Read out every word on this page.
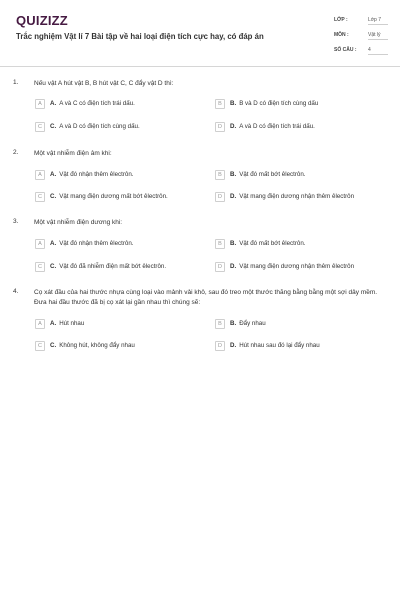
QUIZIZZ
Trắc nghiệm Vật lí 7 Bài tập về hai loại điện tích cực hay, có đáp án
LỚP :	Lớp 7
MÔN :	Vật lý
SỐ CÂU : 4
1. Nếu vật A hút vật B, B hút vật C, C đẩy vật D thì:
A	A. A và C có điện tích trái dấu.	B	B. B và D có điện tích cùng dấu
C	C. A và D có điện tích cùng dấu.	D	D. A và D có điện tích trái dấu.
2. Một vật nhiễm điện âm khi:
A	A. Vật đó nhận thêm êlectrôn.	B	B. Vật đó mất bớt êlectrôn.
C	C. Vật mang điện dương mất bớt êlectrôn.	D	D. Vật mang điện dương nhận thêm êlectrôn
3. Một vật nhiễm điện dương khi:
A	A. Vật đó nhận thêm êlectrôn.	B	B. Vật đó mất bớt êlectrôn.
C	C. Vật đó đã nhiễm điện mất bớt êlectrôn.	D	D. Vật mang điện dương nhận thêm êlectrôn
4. Cọ xát đầu của hai thước nhựa cùng loại vào mảnh vải khô, sau đó treo một thước thăng bằng bằng một sợi dây mềm. Đưa hai đầu thước đã bị cọ xát lại gần nhau thì chúng sẽ:
A	A. Hút nhau	B	B. Đẩy nhau
C	C. Không hút, không đẩy nhau	D	D. Hút nhau sau đó lại đẩy nhau
